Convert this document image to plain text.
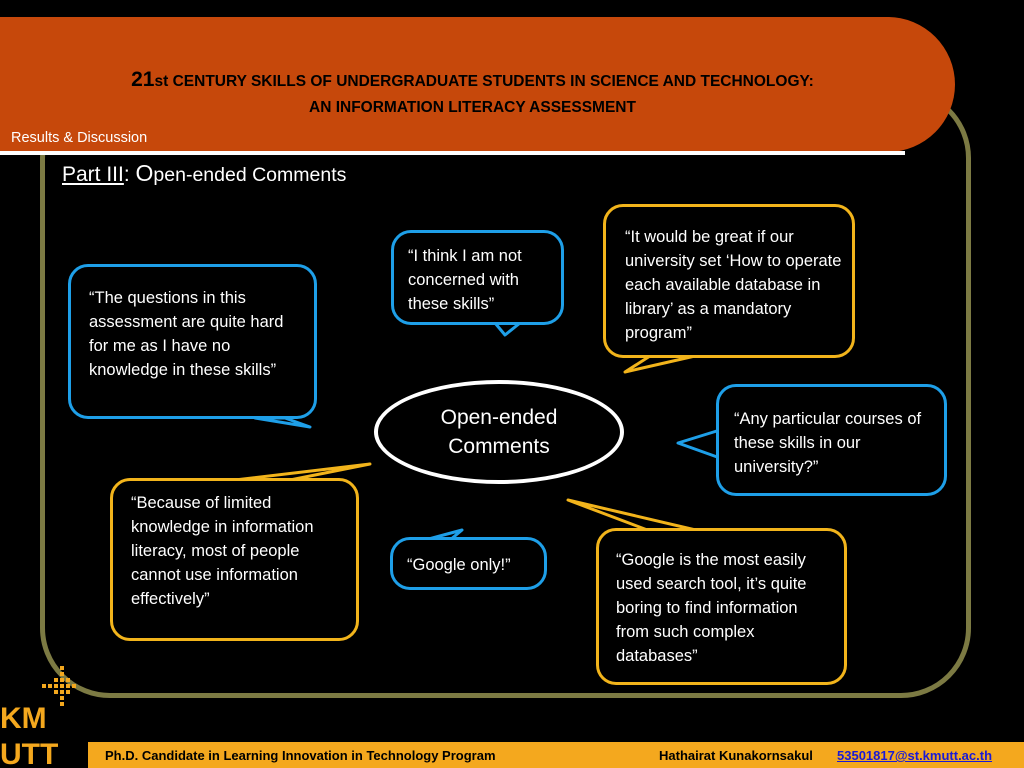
21st CENTURY SKILLS OF UNDERGRADUATE STUDENTS IN SCIENCE AND TECHNOLOGY:
AN INFORMATION LITERACY ASSESSMENT
Results & Discussion
Part III: Open-ended Comments

“The questions in this assessment are quite hard for me as I have no knowledge in these skills”

“I think I am not concerned with these skills”

“It would be great if our university set ‘How to operate each available database in library’ as a mandatory program”

Open-ended
Comments

“Any particular courses of these skills in our university?”

“Because of limited knowledge in information literacy, most of people cannot use information effectively”

“Google only!”	“Google is the most easily used search tool, it’s quite boring to find information from such complex databases”

KM
UTT	Ph.D. Candidate in Learning Innovation in Technology Program	Hathairat Kunakornsakul 53501817@st.kmutt.ac.th
